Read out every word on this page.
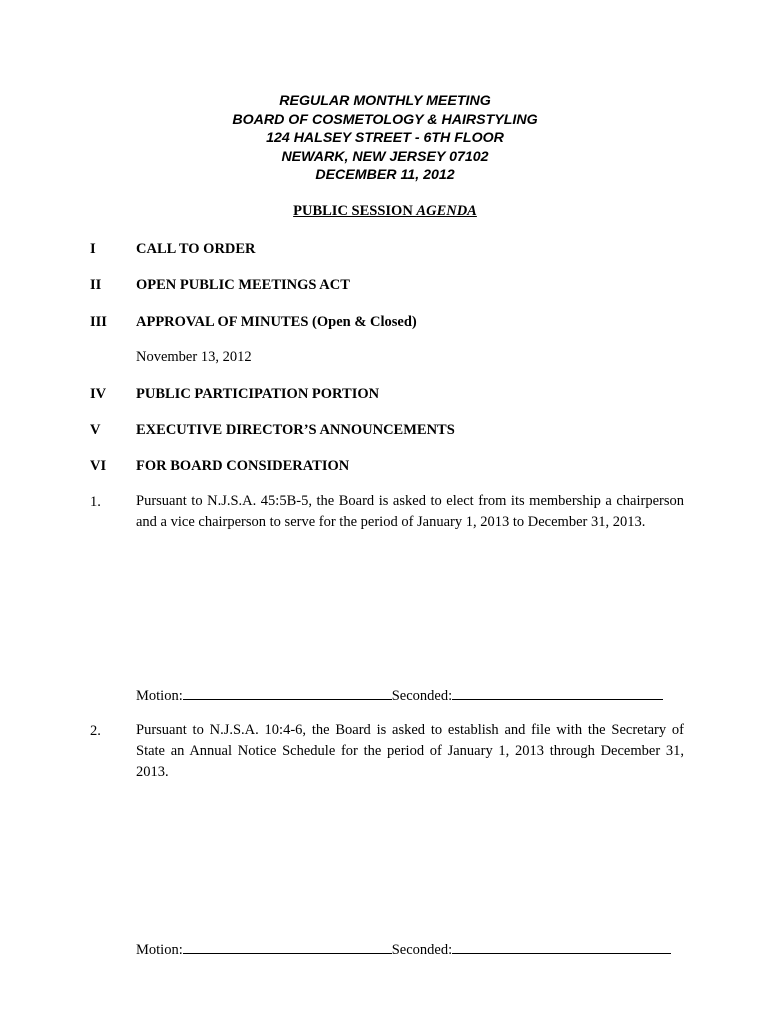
REGULAR MONTHLY MEETING
BOARD OF COSMETOLOGY & HAIRSTYLING
124 HALSEY STREET - 6TH FLOOR
NEWARK, NEW JERSEY 07102
DECEMBER 11, 2012
PUBLIC SESSION AGENDA
I	CALL TO ORDER
II OPEN PUBLIC MEETINGS ACT
III APPROVAL OF MINUTES (Open & Closed)
November 13, 2012
IV PUBLIC PARTICIPATION PORTION
V EXECUTIVE DIRECTOR’S ANNOUNCEMENTS
VI FOR BOARD CONSIDERATION
1. Pursuant to N.J.S.A. 45:5B-5, the Board is asked to elect from its membership a chairperson and a vice chairperson to serve for the period of January 1, 2013 to December 31, 2013.
Motion:	Seconded:
2. Pursuant to N.J.S.A. 10:4-6, the Board is asked to establish and file with the Secretary of State an Annual Notice Schedule for the period of January 1, 2013 through December 31, 2013.
Motion:	Seconded:
